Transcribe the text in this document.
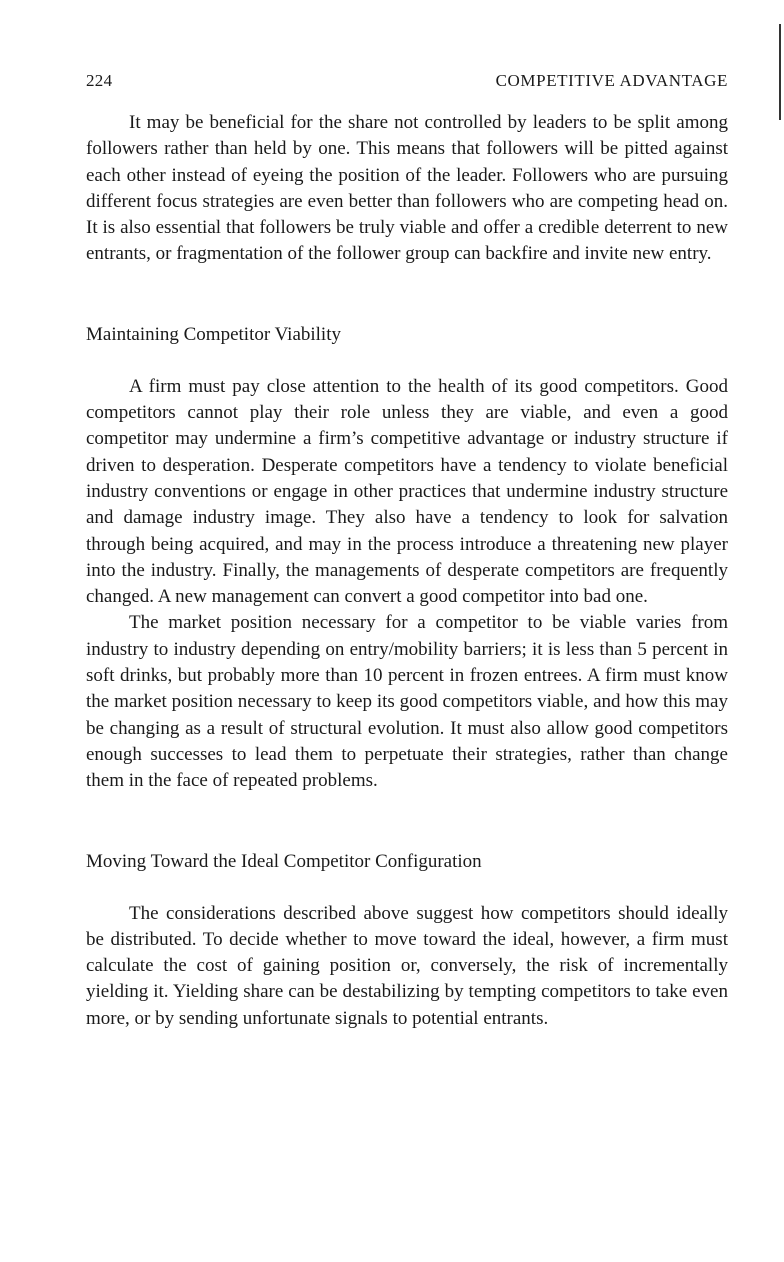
224	COMPETITIVE ADVANTAGE

It may be beneficial for the share not controlled by leaders to be split among followers rather than held by one. This means that followers will be pitted against each other instead of eyeing the position of the leader. Followers who are pursuing different focus strategies are even better than followers who are competing head on. It is also essential that followers be truly viable and offer a credible deterrent to new entrants, or fragmentation of the follower group can backfire and invite new entry.

Maintaining Competitor Viability

A firm must pay close attention to the health of its good competitors. Good competitors cannot play their role unless they are viable, and even a good competitor may undermine a firm’s competitive advantage or industry structure if driven to desperation. Desperate competitors have a tendency to violate beneficial industry conventions or engage in other practices that undermine industry structure and damage industry image. They also have a tendency to look for salvation through being acquired, and may in the process introduce a threatening new player into the industry. Finally, the managements of desperate competitors are frequently changed. A new management can convert a good competitor into bad one.

The market position necessary for a competitor to be viable varies from industry to industry depending on entry/mobility barriers; it is less than 5 percent in soft drinks, but probably more than 10 percent in frozen entrees. A firm must know the market position necessary to keep its good competitors viable, and how this may be changing as a result of structural evolution. It must also allow good competitors enough successes to lead them to perpetuate their strategies, rather than change them in the face of repeated problems.

Moving Toward the Ideal Competitor Configuration

The considerations described above suggest how competitors should ideally be distributed. To decide whether to move toward the ideal, however, a firm must calculate the cost of gaining position or, conversely, the risk of incrementally yielding it. Yielding share can be destabilizing by tempting competitors to take even more, or by sending unfortunate signals to potential entrants.
